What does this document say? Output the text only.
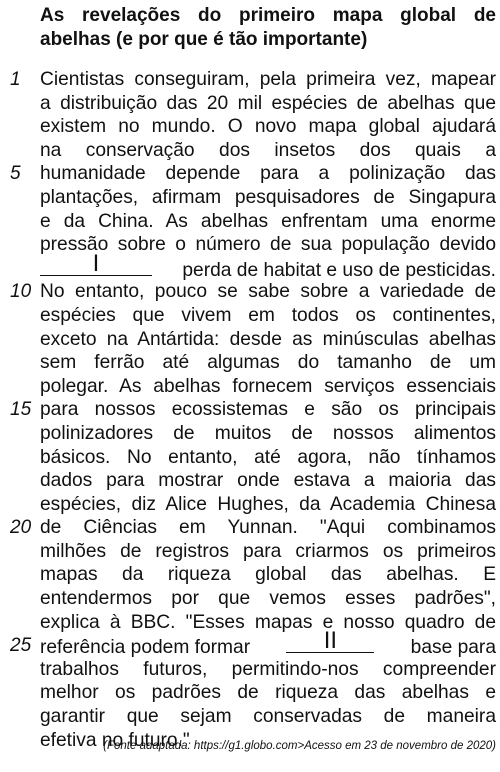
As revelações do primeiro mapa global de abelhas (e por que é tão importante)
1	Cientistas conseguiram, pela primeira vez, mapear
a distribuição das 20 mil espécies de abelhas que
existem no mundo. O novo mapa global ajudará
na conservação dos insetos dos quais a
5	humanidade depende para a polinização das
plantações, afirmam pesquisadores de Singapura
e da China. As abelhas enfrentam uma enorme
pressão sobre o número de sua população devido
I	perda de habitat e uso de pesticidas.
10 No entanto, pouco se sabe sobre a variedade de
espécies que vivem em todos os continentes,
exceto na Antártida: desde as minúsculas abelhas
sem ferrão até algumas do tamanho de um
polegar. As abelhas fornecem serviços essenciais
15 para nossos ecossistemas e são os principais
polinizadores de muitos de nossos alimentos
básicos. No entanto, até agora, não tínhamos
dados para mostrar onde estava a maioria das
espécies, diz Alice Hughes, da Academia Chinesa
20 de Ciências em Yunnan. "Aqui combinamos
milhões de registros para criarmos os primeiros
mapas da riqueza global das abelhas. E
entendermos por que vemos esses padrões",
explica à BBC. "Esses mapas e nosso quadro de
25 referência podem formar	II	base para
trabalhos futuros, permitindo-nos compreender
melhor os padrões de riqueza das abelhas e
garantir que sejam conservadas de maneira
efetiva no futuro."
(Fonte adaptada: https://g1.globo.com>Acesso em 23 de novembro de 2020)
